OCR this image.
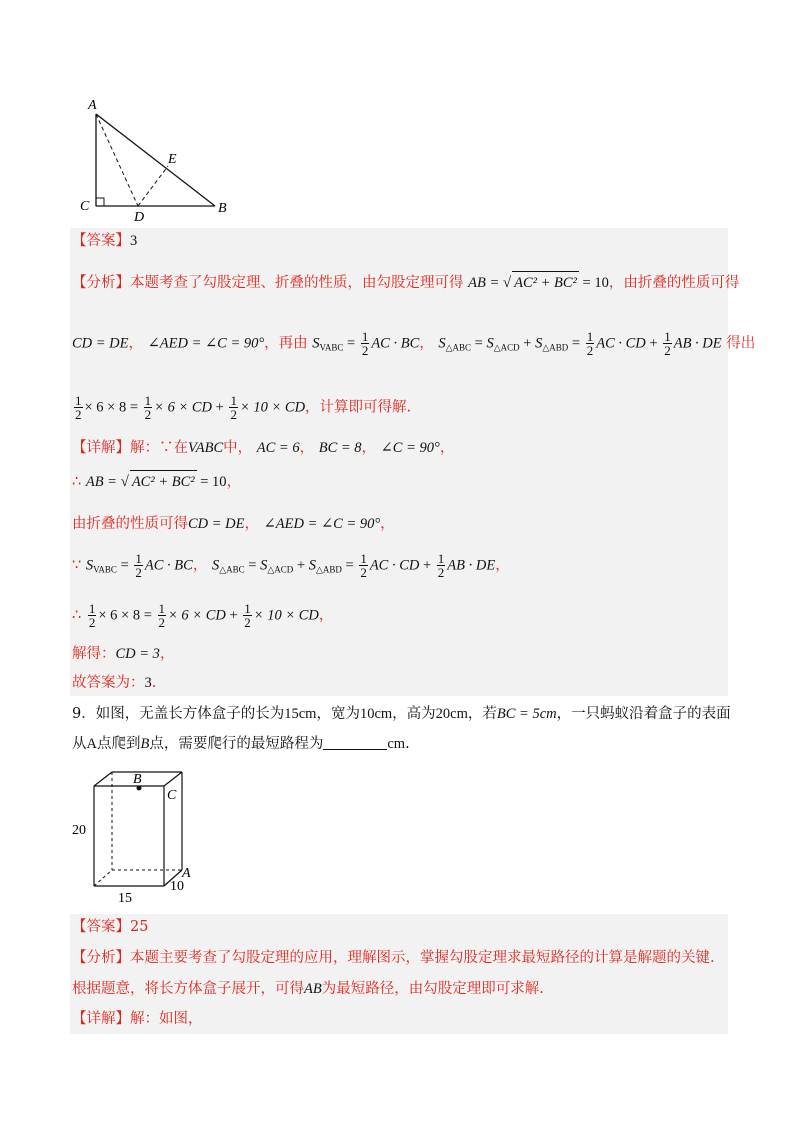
A
C
D
E
B
【答案】3
【分析】本题考查了勾股定理、折叠的性质，由勾股定理可得 AB = √ AC² + BC² = 10，由折叠的性质可得
CD = DE， ∠AED = ∠C = 90°，再由 $S_{VABC} = \frac{1}{2}$ AC · BC， $S_{\triangle ABC} = S_{\triangle ACD} + S_{\triangle ABD} = \frac{1}{2}$ AC · CD + $\frac{1}{2}$ AB · DE 得出
$\frac{1}{2} \times 6 \times 8 = \frac{1}{2} \times 6$ × CD + $\frac{1}{2} \times 10$ × CD，计算即可得解.
【详解】解：∵在VABC中， AC = 6， BC = 8， ∠C = 90°，
∴ AB = √ AC² + BC² = 10，
由折叠的性质可得CD = DE， ∠AED = ∠C = 90°，
∵ $S_{VABC} = \frac{1}{2}$ AC · BC， $S_{\triangle ABC} = S_{\triangle ACD} + S_{\triangle ABD} = \frac{1}{2}$ AC · CD + $\frac{1}{2}$ AB · DE，
∴ $\frac{1}{2} \times 6 \times 8 = \frac{1}{2} \times 6$ × CD + $\frac{1}{2} \times 10$ × CD，
解得：CD = 3，
故答案为：3.
9．如图，无盖长方体盒子的长为15cm，宽为10cm，高为20cm，若BC = 5cm，一只蚂蚁沿着盒子的表面
从A点爬到B点，需要爬行的最短路程为	cm.
B
C
A
20
15
10
【答案】25
【分析】本题主要考查了勾股定理的应用，理解图示，掌握勾股定理求最短路径的计算是解题的关键.
根据题意，将长方体盒子展开，可得AB为最短路径，由勾股定理即可求解.
【详解】解：如图，
